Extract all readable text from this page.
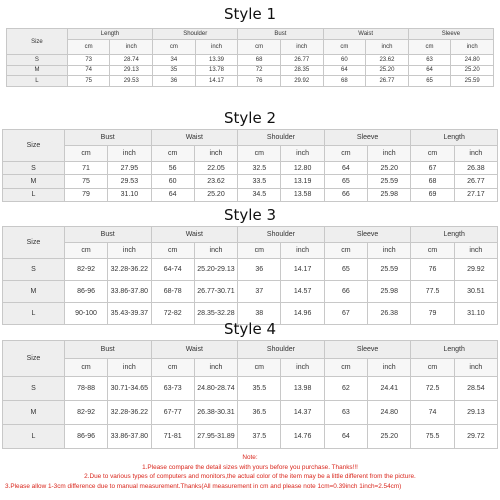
Style 1
Size	Length		Shoulder		Bust		Waist		Sleeve	
	cm	inch	cm	inch	cm	inch	cm	inch	cm	inch
S	73	28.74	34	13.39	68	26.77	60	23.62	63	24.80
M	74	29.13	35	13.78	72	28.35	64	25.20	64	25.20
L	75	29.53	36	14.17	76	29.92	68	26.77	65	25.59
Style 2
Size	Bust		Waist		Shoulder		Sleeve		Length	
	cm	inch	cm	inch	cm	inch	cm	inch	cm	inch
S	71	27.95	56	22.05	32.5	12.80	64	25.20	67	26.38
M	75	29.53	60	23.62	33.5	13.19	65	25.59	68	26.77
L	79	31.10	64	25.20	34.5	13.58	66	25.98	69	27.17
Style 3
Size	Bust		Waist		Shoulder		Sleeve		Length	
	cm	inch	cm	inch	cm	inch	cm	inch	cm	inch
S	82-92	32.28-36.22	64-74	25.20-29.13	36	14.17	65	25.59	76	29.92
M	86-96	33.86-37.80	68-78	26.77-30.71	37	14.57	66	25.98	77.5	30.51
L	90-100	35.43-39.37	72-82	28.35-32.28	38	14.96	67	26.38	79	31.10
Style 4
Size	Bust		Waist		Shoulder		Sleeve		Length	
	cm	inch	cm	inch	cm	inch	cm	inch	cm	inch
S	78-88	30.71-34.65	63-73	24.80-28.74	35.5	13.98	62	24.41	72.5	28.54
M	82-92	32.28-36.22	67-77	26.38-30.31	36.5	14.37	63	24.80	74	29.13
L	86-96	33.86-37.80	71-81	27.95-31.89	37.5	14.76	64	25.20	75.5	29.72
Note:
1.Please compare the detail sizes with yours before you purchase. Thanks!!!
2.Due to various types of computers and monitors,the actual color of the item may be a little different from the picture.
3.Please allow 1-3cm difference due to manual measurement.Thanks(All measurement in cm and please note 1cm=0.39inch 1inch=2.54cm)
